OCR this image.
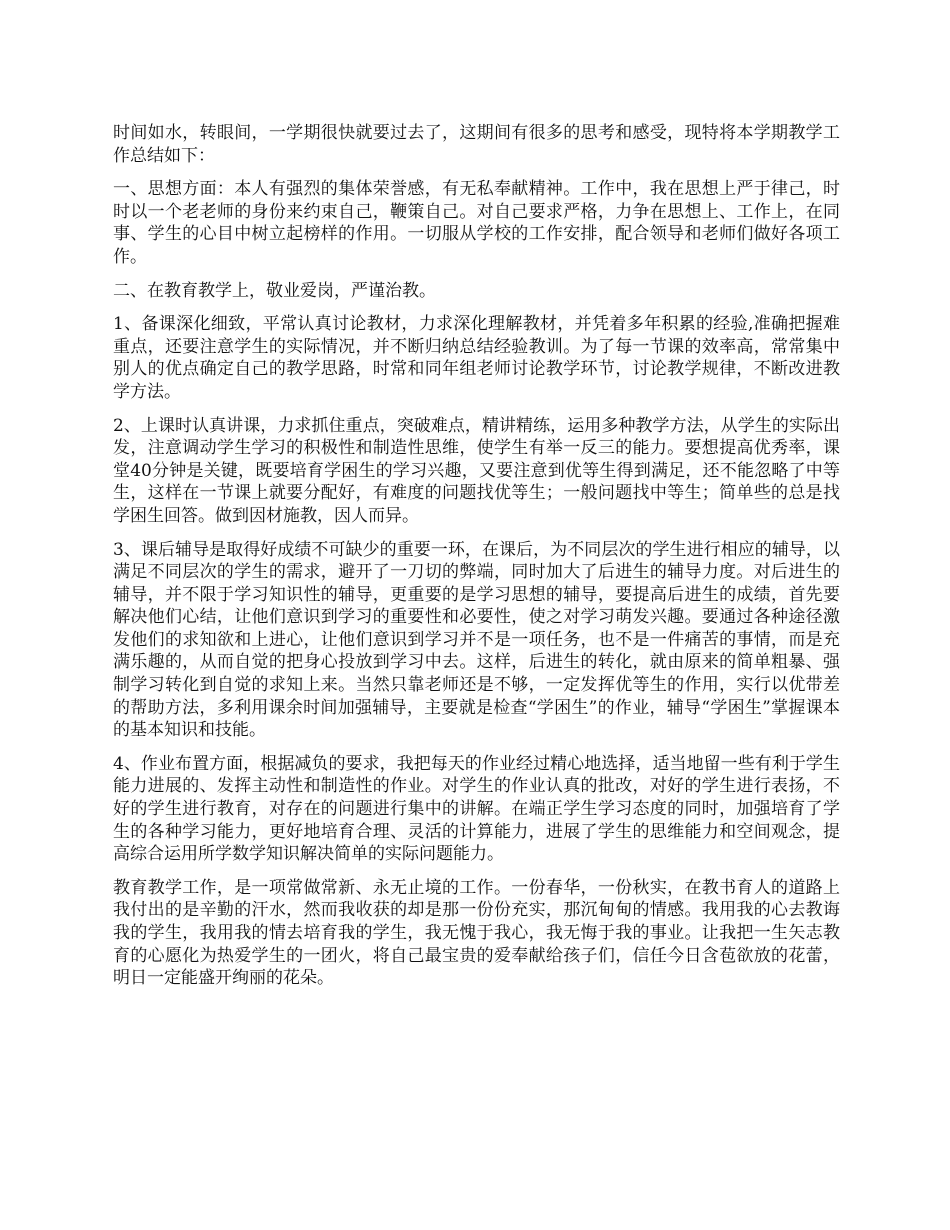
时间如水，转眼间，一学期很快就要过去了，这期间有很多的思考和感受，现特将本学期教学工作总结如下：

一、思想方面：本人有强烈的集体荣誉感，有无私奉献精神。工作中，我在思想上严于律己，时时以一个老老师的身份来约束自己，鞭策自己。对自己要求严格，力争在思想上、工作上，在同事、学生的心目中树立起榜样的作用。一切服从学校的工作安排，配合领导和老师们做好各项工作。

二、在教育教学上，敬业爱岗，严谨治教。

1、备课深化细致，平常认真讨论教材，力求深化理解教材，并凭着多年积累的经验,准确把握难重点，还要注意学生的实际情况，并不断归纳总结经验教训。为了每一节课的效率高，常常集中别人的优点确定自己的教学思路，时常和同年组老师讨论教学环节，讨论教学规律，不断改进教学方法。

2、上课时认真讲课，力求抓住重点，突破难点，精讲精练，运用多种教学方法，从学生的实际出发，注意调动学生学习的积极性和制造性思维，使学生有举一反三的能力。要想提高优秀率，课堂40分钟是关键，既要培育学困生的学习兴趣，又要注意到优等生得到满足，还不能忽略了中等生，这样在一节课上就要分配好，有难度的问题找优等生；一般问题找中等生；简单些的总是找学困生回答。做到因材施教，因人而异。

3、课后辅导是取得好成绩不可缺少的重要一环，在课后，为不同层次的学生进行相应的辅导，以满足不同层次的学生的需求，避开了一刀切的弊端，同时加大了后进生的辅导力度。对后进生的辅导，并不限于学习知识性的辅导，更重要的是学习思想的辅导，要提高后进生的成绩，首先要解决他们心结，让他们意识到学习的重要性和必要性，使之对学习萌发兴趣。要通过各种途径激发他们的求知欲和上进心，让他们意识到学习并不是一项任务，也不是一件痛苦的事情，而是充满乐趣的，从而自觉的把身心投放到学习中去。这样，后进生的转化，就由原来的简单粗暴、强制学习转化到自觉的求知上来。当然只靠老师还是不够，一定发挥优等生的作用，实行以优带差的帮助方法，多利用课余时间加强辅导，主要就是检查“学困生”的作业，辅导“学困生”掌握课本的基本知识和技能。

4、作业布置方面，根据减负的要求，我把每天的作业经过精心地选择，适当地留一些有利于学生能力进展的、发挥主动性和制造性的作业。对学生的作业认真的批改，对好的学生进行表扬，不好的学生进行教育，对存在的问题进行集中的讲解。在端正学生学习态度的同时，加强培育了学生的各种学习能力，更好地培育合理、灵活的计算能力，进展了学生的思维能力和空间观念，提高综合运用所学数学知识解决简单的实际问题能力。

教育教学工作，是一项常做常新、永无止境的工作。一份春华，一份秋实，在教书育人的道路上我付出的是辛勤的汗水，然而我收获的却是那一份份充实，那沉甸甸的情感。我用我的心去教诲我的学生，我用我的情去培育我的学生，我无愧于我心，我无悔于我的事业。让我把一生矢志教育的心愿化为热爱学生的一团火，将自己最宝贵的爱奉献给孩子们，信任今日含苞欲放的花蕾，明日一定能盛开绚丽的花朵。
